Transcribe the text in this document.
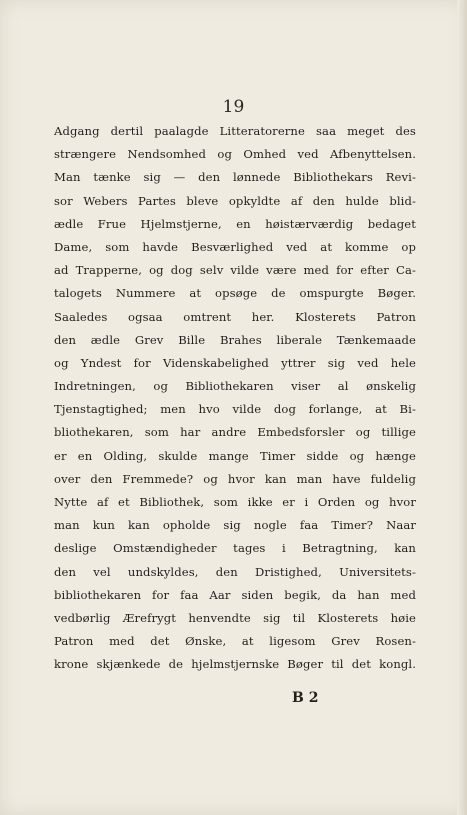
19
Adgang dertil paalagde Litteratorerne saa meget des
strængere Nendsomhed og Omhed ved Afbenyttelsen.
Man tænke sig — den lønnede Bibliothekars Revi-
sor Webers Partes bleve opkyldte af den hulde blid-
ædle Frue Hjelmstjerne, en høistærværdig bedaget
Dame, som havde Besværlighed ved at komme op
ad Trapperne, og dog selv vilde være med for efter Ca-
talogets Nummere at opsøge de omspurgte Bøger.
Saaledes ogsaa omtrent her. Klosterets Patron
den ædle Grev Bille Brahes liberale Tænkemaade
og Yndest for Videnskabelighed yttrer sig ved hele
Indretningen, og Bibliothekaren viser al ønskelig
Tjenstagtighed; men hvo vilde dog forlange, at Bi-
bliothekaren, som har andre Embedsforsler og tillige
er en Olding, skulde mange Timer sidde og hænge
over den Fremmede? og hvor kan man have fuldelig
Nytte af et Bibliothek, som ikke er i Orden og hvor
man kun kan opholde sig nogle faa Timer? Naar
deslige Omstændigheder tages i Betragtning, kan
den vel undskyldes, den Dristighed, Universitets-
bibliothekaren for faa Aar siden begik, da han med
vedbørlig Ærefrygt henvendte sig til Klosterets høie
Patron med det Ønske, at ligesom Grev Rosen-
krone skjænkede de hjelmstjernske Bøger til det kongl.
B 2
